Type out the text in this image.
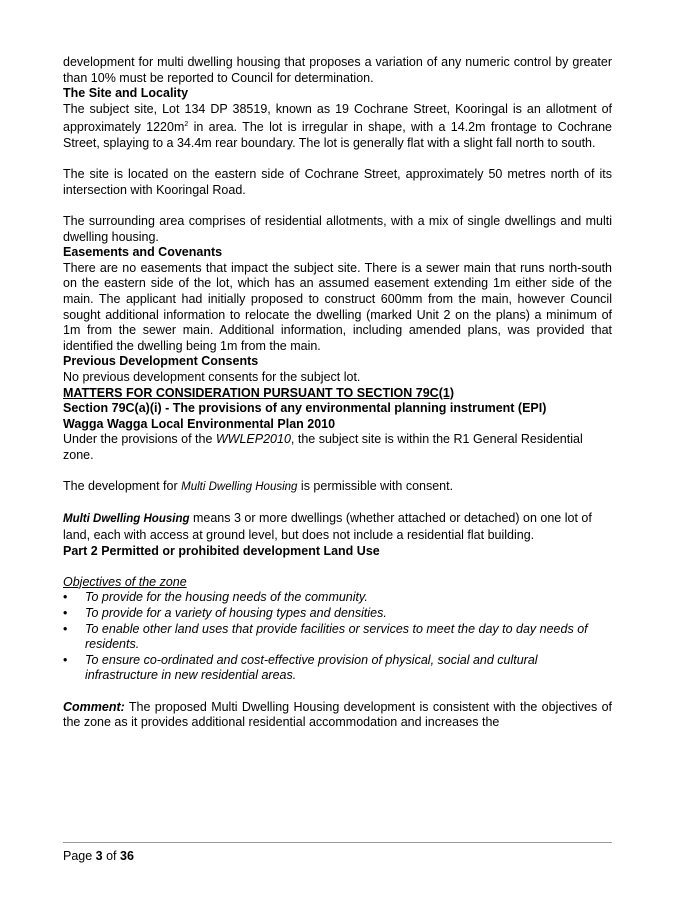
development for multi dwelling housing that proposes a variation of any numeric control by greater than 10% must be reported to Council for determination.

The Site and Locality

The subject site, Lot 134 DP 38519, known as 19 Cochrane Street, Kooringal is an allotment of approximately $1220m^2$ in area. The lot is irregular in shape, with a 14.2m frontage to Cochrane Street, splaying to a 34.4m rear boundary. The lot is generally flat with a slight fall north to south.

The site is located on the eastern side of Cochrane Street, approximately 50 metres north of its intersection with Kooringal Road.

The surrounding area comprises of residential allotments, with a mix of single dwellings and multi dwelling housing.

Easements and Covenants

There are no easements that impact the subject site. There is a sewer main that runs north-south on the eastern side of the lot, which has an assumed easement extending 1m either side of the main. The applicant had initially proposed to construct 600mm from the main, however Council sought additional information to relocate the dwelling (marked Unit 2 on the plans) a minimum of 1m from the sewer main. Additional information, including amended plans, was provided that identified the dwelling being 1m from the main.

Previous Development Consents

No previous development consents for the subject lot.

MATTERS FOR CONSIDERATION PURSUANT TO SECTION 79C(1)

Section 79C(a)(i) - The provisions of any environmental planning instrument (EPI)

Wagga Wagga Local Environmental Plan 2010

Under the provisions of the WWLEP2010, the subject site is within the R1 General Residential zone.

The development for Multi Dwelling Housing is permissible with consent.

Multi Dwelling Housing means 3 or more dwellings (whether attached or detached) on one lot of land, each with access at ground level, but does not include a residential flat building.

Part 2 Permitted or prohibited development Land Use

Objectives of the zone

• To provide for the housing needs of the community.
• To provide for a variety of housing types and densities.
• To enable other land uses that provide facilities or services to meet the day to day needs of residents.
• To ensure co-ordinated and cost-effective provision of physical, social and cultural infrastructure in new residential areas.

Comment: The proposed Multi Dwelling Housing development is consistent with the objectives of the zone as it provides additional residential accommodation and increases the

Page 3 of 36
